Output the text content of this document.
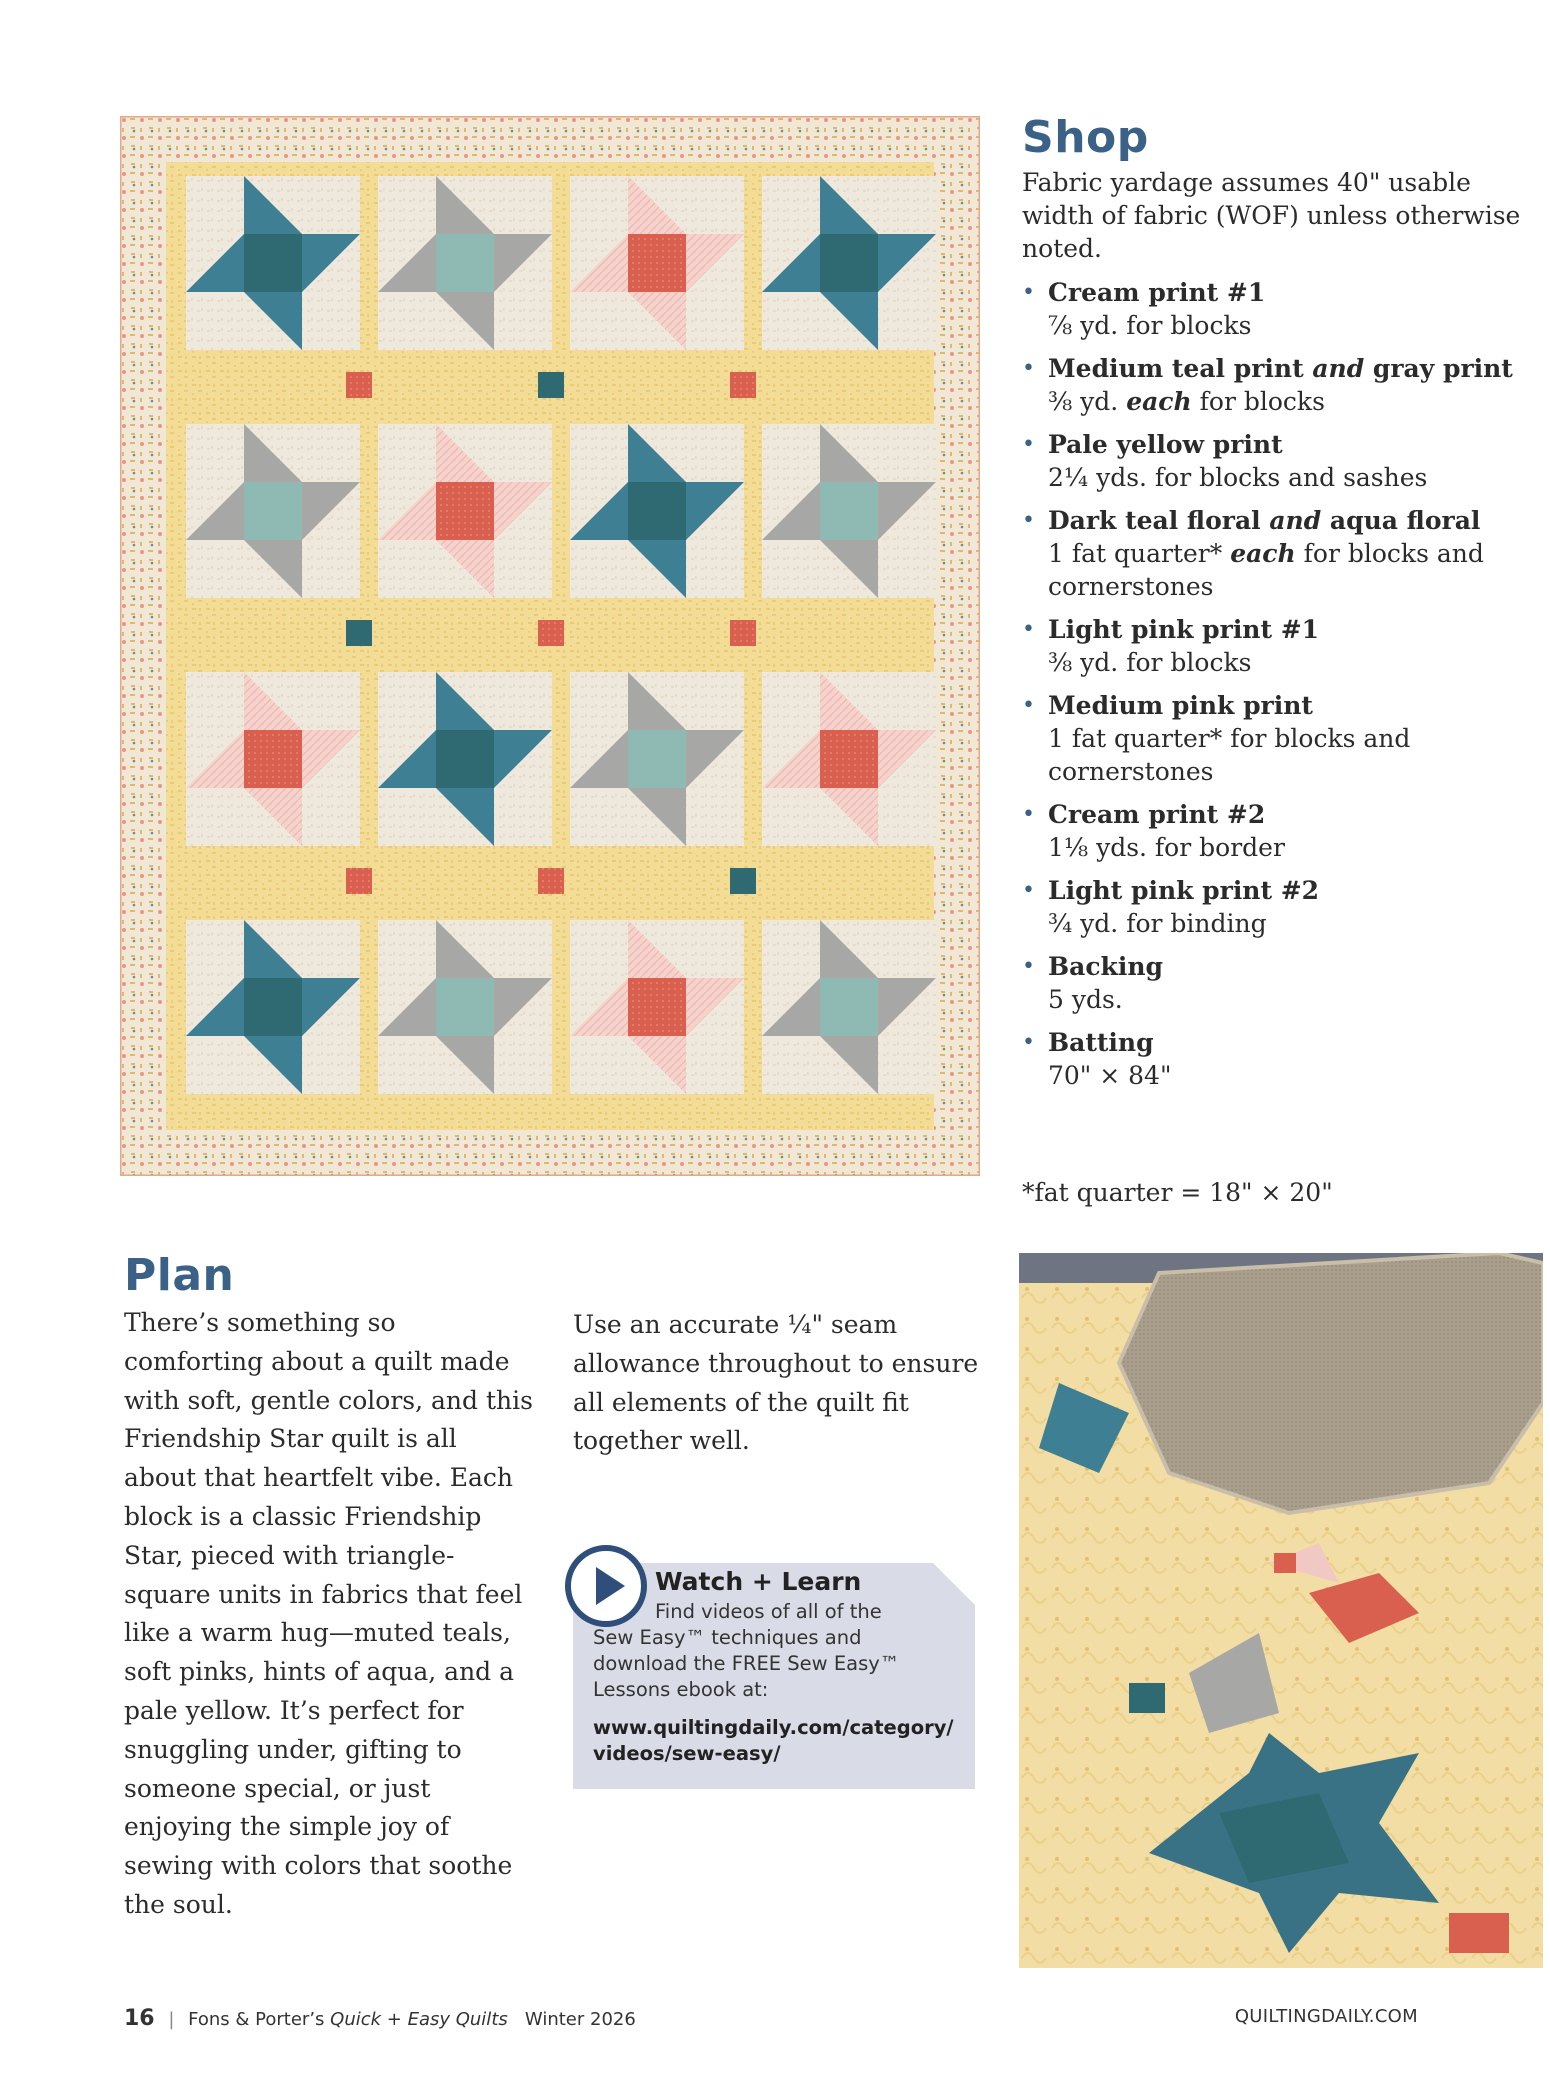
Shop

Fabric yardage assumes 40" usable width of fabric (WOF) unless otherwise noted.

• Cream print #1
⅞ yd. for blocks
• Medium teal print and gray print
⅜ yd. each for blocks
• Pale yellow print
2¼ yds. for blocks and sashes
• Dark teal floral and aqua floral
1 fat quarter* each for blocks and cornerstones
• Light pink print #1
⅜ yd. for blocks
• Medium pink print
1 fat quarter* for blocks and cornerstones
• Cream print #2
1⅛ yds. for border
• Light pink print #2
¾ yd. for binding
• Backing
5 yds.
• Batting
70" × 84"

*fat quarter = 18" × 20"

Plan

There’s something so comforting about a quilt made with soft, gentle colors, and this Friendship Star quilt is all about that heartfelt vibe. Each block is a classic Friendship Star, pieced with triangle-square units in fabrics that feel like a warm hug—muted teals, soft pinks, hints of aqua, and a pale yellow. It’s perfect for snuggling under, gifting to someone special, or just enjoying the simple joy of sewing with colors that soothe the soul.

Use an accurate ¼" seam allowance throughout to ensure all elements of the quilt fit together well.

Watch + Learn

Find videos of all of the
Sew Easy™ techniques and download the FREE Sew Easy™ Lessons ebook at:

www.quiltingdaily.com/category/ videos/sew-easy/

16 | Fons & Porter’s Quick + Easy Quilts Winter 2026	QUILTINGDAILY.COM
